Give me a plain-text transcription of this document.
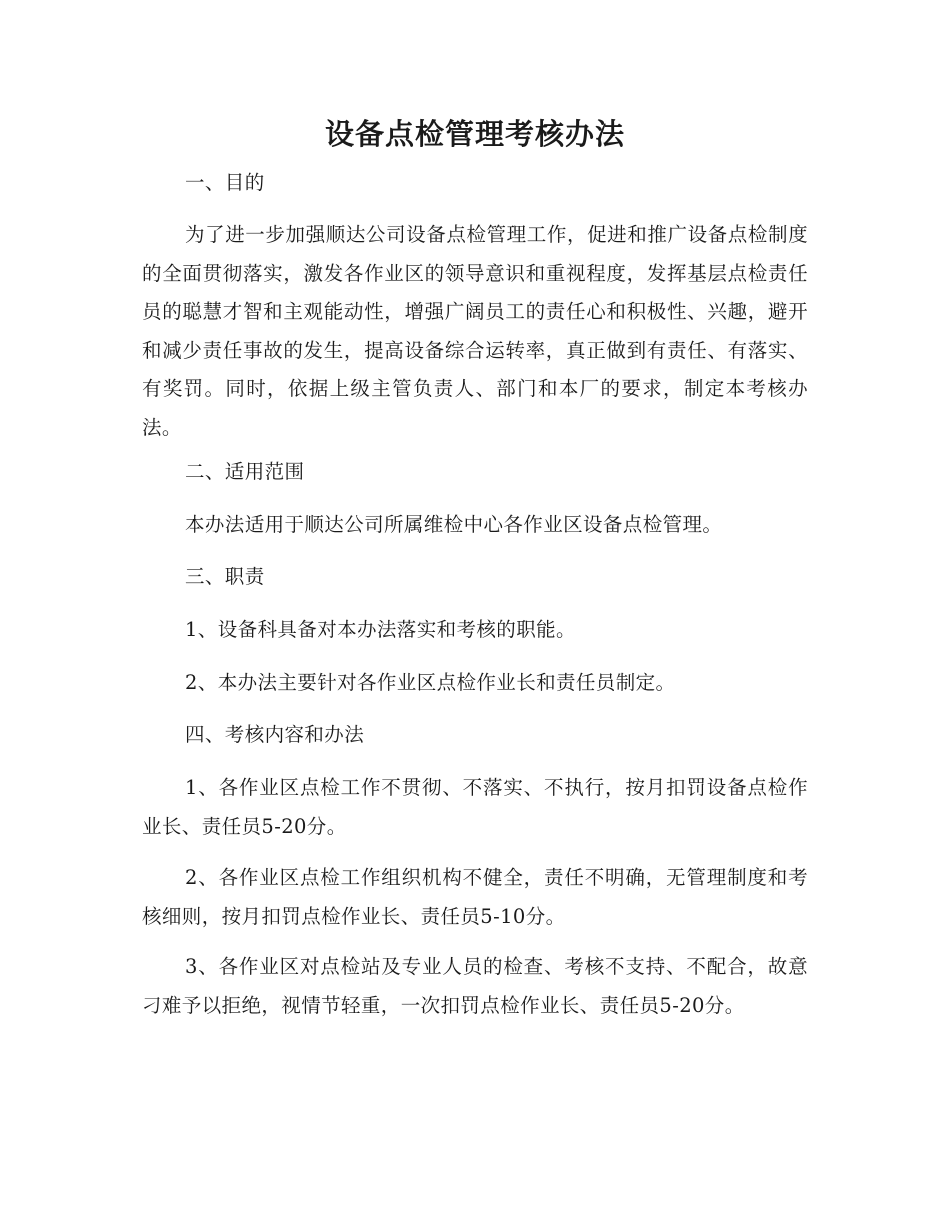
设备点检管理考核办法

一、目的

为了进一步加强顺达公司设备点检管理工作，促进和推广设备点检制度的全面贯彻落实，激发各作业区的领导意识和重视程度，发挥基层点检责任员的聪慧才智和主观能动性，增强广阔员工的责任心和积极性、兴趣，避开和减少责任事故的发生，提高设备综合运转率，真正做到有责任、有落实、有奖罚。同时，依据上级主管负责人、部门和本厂的要求，制定本考核办法。

二、适用范围

本办法适用于顺达公司所属维检中心各作业区设备点检管理。

三、职责

1、设备科具备对本办法落实和考核的职能。

2、本办法主要针对各作业区点检作业长和责任员制定。

四、考核内容和办法

1、各作业区点检工作不贯彻、不落实、不执行，按月扣罚设备点检作业长、责任员5-20分。

2、各作业区点检工作组织机构不健全，责任不明确，无管理制度和考核细则，按月扣罚点检作业长、责任员5-10分。

3、各作业区对点检站及专业人员的检查、考核不支持、不配合，故意刁难予以拒绝，视情节轻重，一次扣罚点检作业长、责任员5-20分。
